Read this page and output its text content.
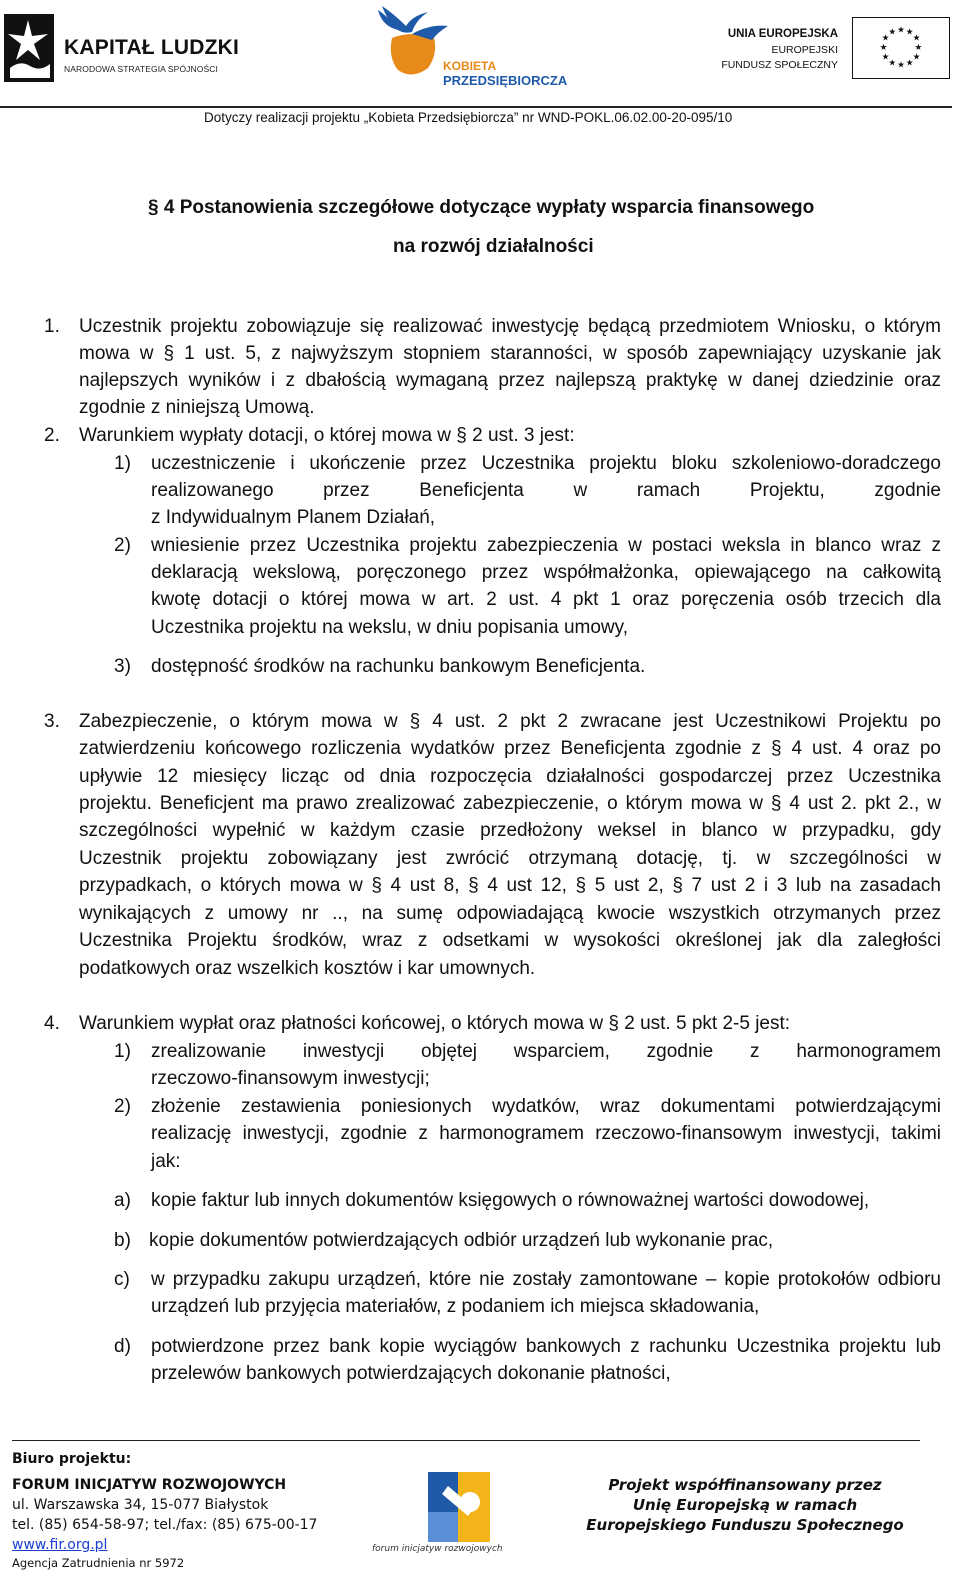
KAPITAŁ LUDZKI
NARODOWA STRATEGIA SPÓJNOŚCI	KOBIETA
PRZEDSIĘBIORCZA
UNIA EUROPEJSKA
EUROPEJSKI
FUNDUSZ SPOŁECZNY
★ ★
★
★
★
★
★
★
★
★
★
★
Dotyczy realizacji projektu „Kobieta Przedsiębiorcza” nr WND-POKL.06.02.00-20-095/10
§ 4 Postanowienia szczegółowe dotyczące wypłaty wsparcia finansowego
na rozwój działalności
1. Uczestnik projektu zobowiązuje się realizować inwestycję będącą przedmiotem Wniosku, o którym
mowa w § 1 ust. 5, z najwyższym stopniem staranności, w sposób zapewniający uzyskanie jak
najlepszych wyników i z dbałością wymaganą przez najlepszą praktykę w danej dziedzinie oraz
zgodnie z niniejszą Umową.
2. Warunkiem wypłaty dotacji, o której mowa w § 2 ust. 3 jest:
1) uczestniczenie i ukończenie przez Uczestnika projektu bloku szkoleniowo-doradczego
realizowanego przez Beneficjenta w ramach Projektu, zgodnie
z Indywidualnym Planem Działań,
2) wniesienie przez Uczestnika projektu zabezpieczenia w postaci weksla in blanco wraz z
deklaracją wekslową, poręczonego przez współmałżonka, opiewającego na całkowitą
kwotę dotacji o której mowa w art. 2 ust. 4 pkt 1 oraz poręczenia osób trzecich dla
Uczestnika projektu na wekslu, w dniu popisania umowy,
3) dostępność środków na rachunku bankowym Beneficjenta.
3. Zabezpieczenie, o którym mowa w § 4 ust. 2 pkt 2 zwracane jest Uczestnikowi Projektu po
zatwierdzeniu końcowego rozliczenia wydatków przez Beneficjenta zgodnie z § 4 ust. 4 oraz po
upływie 12 miesięcy licząc od dnia rozpoczęcia działalności gospodarczej przez Uczestnika
projektu. Beneficjent ma prawo zrealizować zabezpieczenie, o którym mowa w § 4 ust 2. pkt 2., w
szczególności wypełnić w każdym czasie przedłożony weksel in blanco w przypadku, gdy
Uczestnik projektu zobowiązany jest zwrócić otrzymaną dotację, tj. w szczególności w
przypadkach, o których mowa w § 4 ust 8, § 4 ust 12, § 5 ust 2, § 7 ust 2 i 3 lub na zasadach
wynikających z umowy nr .., na sumę odpowiadającą kwocie wszystkich otrzymanych przez
Uczestnika Projektu środków, wraz z odsetkami w wysokości określonej jak dla zaległości
podatkowych oraz wszelkich kosztów i kar umownych.
4. Warunkiem wypłat oraz płatności końcowej, o których mowa w § 2 ust. 5 pkt 2-5 jest:
1) zrealizowanie inwestycji objętej wsparciem, zgodnie z harmonogramem
rzeczowo-finansowym inwestycji;
2) złożenie zestawienia poniesionych wydatków, wraz dokumentami potwierdzającymi
realizację inwestycji, zgodnie z harmonogramem rzeczowo-finansowym inwestycji, takimi
jak:
a) kopie faktur lub innych dokumentów księgowych o równoważnej wartości dowodowej,
b) kopie dokumentów potwierdzających odbiór urządzeń lub wykonanie prac,
c) w przypadku zakupu urządzeń, które nie zostały zamontowane – kopie protokołów odbioru
urządzeń lub przyjęcia materiałów, z podaniem ich miejsca składowania,
d) potwierdzone przez bank kopie wyciągów bankowych z rachunku Uczestnika projektu lub
przelewów bankowych potwierdzających dokonanie płatności,
Biuro projektu:
FORUM INICJATYW ROZWOJOWYCH
ul. Warszawska 34, 15-077 Białystok
tel. (85) 654-58-97; tel./fax: (85) 675-00-17
www.fir.org.pl
Agencja Zatrudnienia nr 5972
forum inicjatyw rozwojowych
Projekt współfinansowany przez
Unię Europejską w ramach
Europejskiego Funduszu Społecznego
